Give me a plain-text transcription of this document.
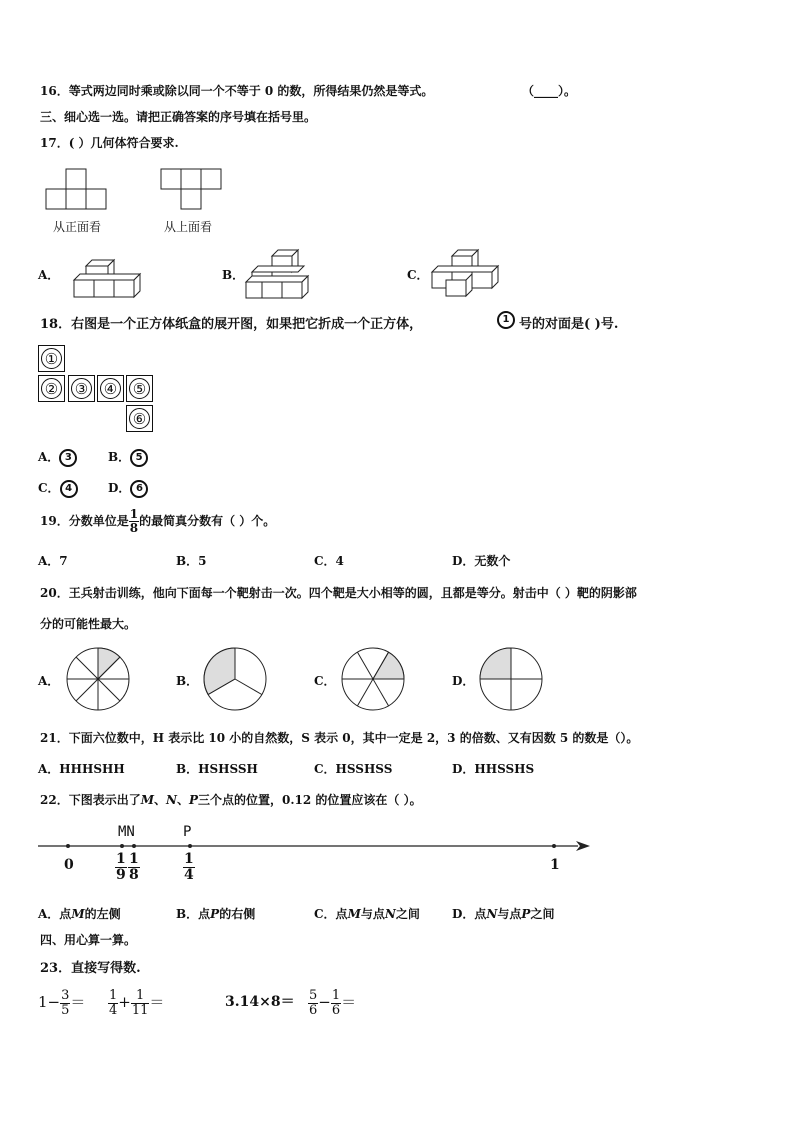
16．等式两边同时乘或除以同一个不等于 0 的数，所得结果仍然是等式。	（____）。
三、细心选一选。请把正确答案的序号填在括号里。
17．( ）几何体符合要求.
从正面看	从上面看
A．	B．	C．
18．右图是一个正方体纸盒的展开图，如果把它折成一个正方体，	1 号的对面是( )号.
①
② ③ ④ ⑤
⑥
A． 3	B． 5
C． 4	D． 6
19．分数单位是 $\frac{1}{8}$ 的最简真分数有（ ）个。
A．7	B．5	C．4	D．无数个
20．王兵射击训练，他向下面每一个靶射击一次。四个靶是大小相等的圆，且都是等分。射击中（ ）靶的阴影部
分的可能性最大。
A．	B．	C．	D．
21．下面六位数中，H 表示比 10 小的自然数，S 表示 0，其中一定是 2，3 的倍数、又有因数 5 的数是（）。
A．HHHSHH	B．HSHSSH	C．HSSHSS	D．HHSSHS
22．下图表示出了M、N、P三个点的位置，0.12 的位置应该在（ ）。
MN	P
0	$\frac{1}{9} \frac{1}{8}$	$\frac{1}{4}$	1
A．点M的左侧	B．点P的右侧	C．点M与点N之间	D．点N与点P之间
四、用心算一算。
23．直接写得数.
$1- \frac{3}{5} = \frac{1}{4} + \frac{1}{11}$ ＝	$3.14\times 8= \frac{5}{6} - \frac{1}{6}$ ＝
